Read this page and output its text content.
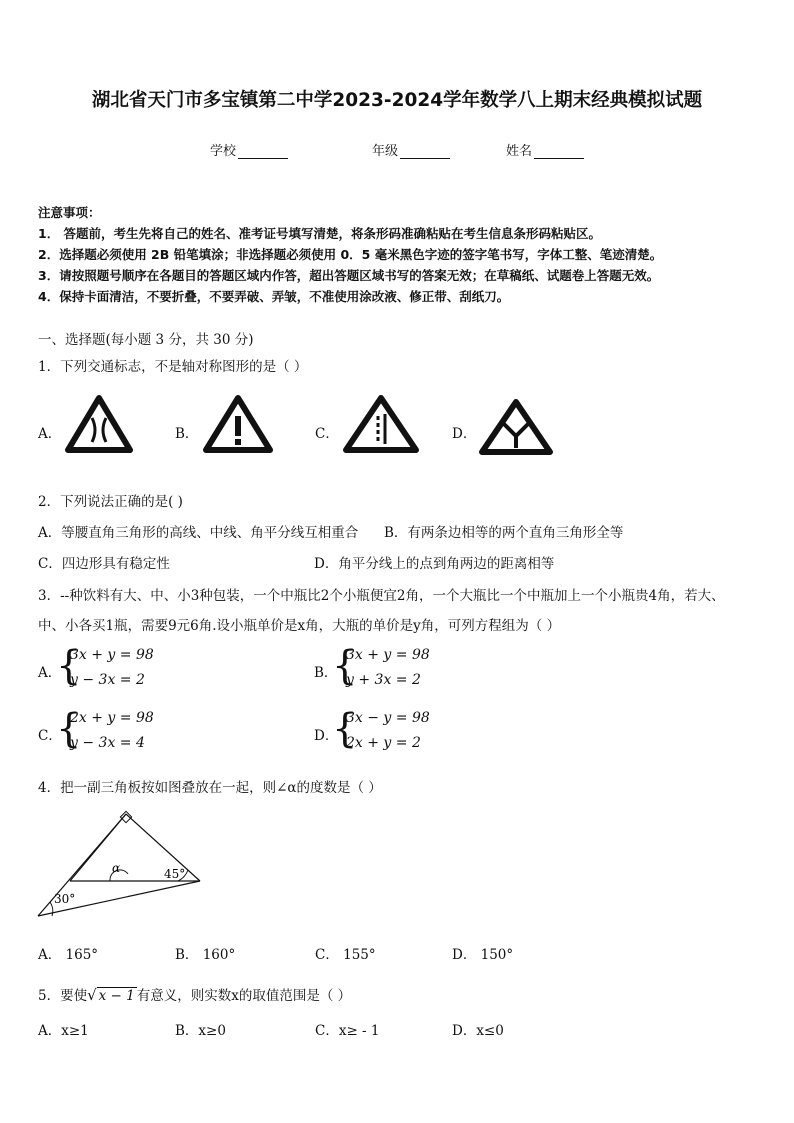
湖北省天门市多宝镇第二中学2023-2024学年数学八上期末经典模拟试题
学校	年级	姓名
注意事项：
1． 答题前，考生先将自己的姓名、准考证号填写清楚，将条形码准确粘贴在考生信息条形码粘贴区。
2．选择题必须使用 2B 铅笔填涂；非选择题必须使用 0．5 毫米黑色字迹的签字笔书写，字体工整、笔迹清楚。
3．请按照题号顺序在各题目的答题区域内作答，超出答题区域书写的答案无效；在草稿纸、试题卷上答题无效。
4．保持卡面清洁，不要折叠，不要弄破、弄皱，不准使用涂改液、修正带、刮纸刀。
一、选择题(每小题 3 分，共 30 分)
1．下列交通标志，不是轴对称图形的是（ ）
A．	B．	C．	D．
2．下列说法正确的是( )
A．等腰直角三角形的高线、中线、角平分线互相重合 B．有两条边相等的两个直角三角形全等
C．四边形具有稳定性	D．角平分线上的点到角两边的距离相等
3．--种饮料有大、中、小3种包装，一个中瓶比2个小瓶便宜2角，一个大瓶比一个中瓶加上一个小瓶贵4角，若大、
中、小各买1瓶，需要9元6角.设小瓶单价是x角，大瓶的单价是y角，可列方程组为（ ）
A．
{
3x + y = 98
y − 3x = 2	B．
{
3x + y = 98
y + 3x = 2
C．
{
2x + y = 98
y − 3x = 4	D．
{
3x − y = 98
2x + y = 2
4．把一副三角板按如图叠放在一起，则∠α的度数是（ ）
α	45°
30°
A． 165°	B． 160°	C． 155°	D． 150°
5．要使√ x − 1 有意义，则实数x的取值范围是（ ）
A．x≥1	B．x≥0	C．x≥ - 1	D．x≤0
